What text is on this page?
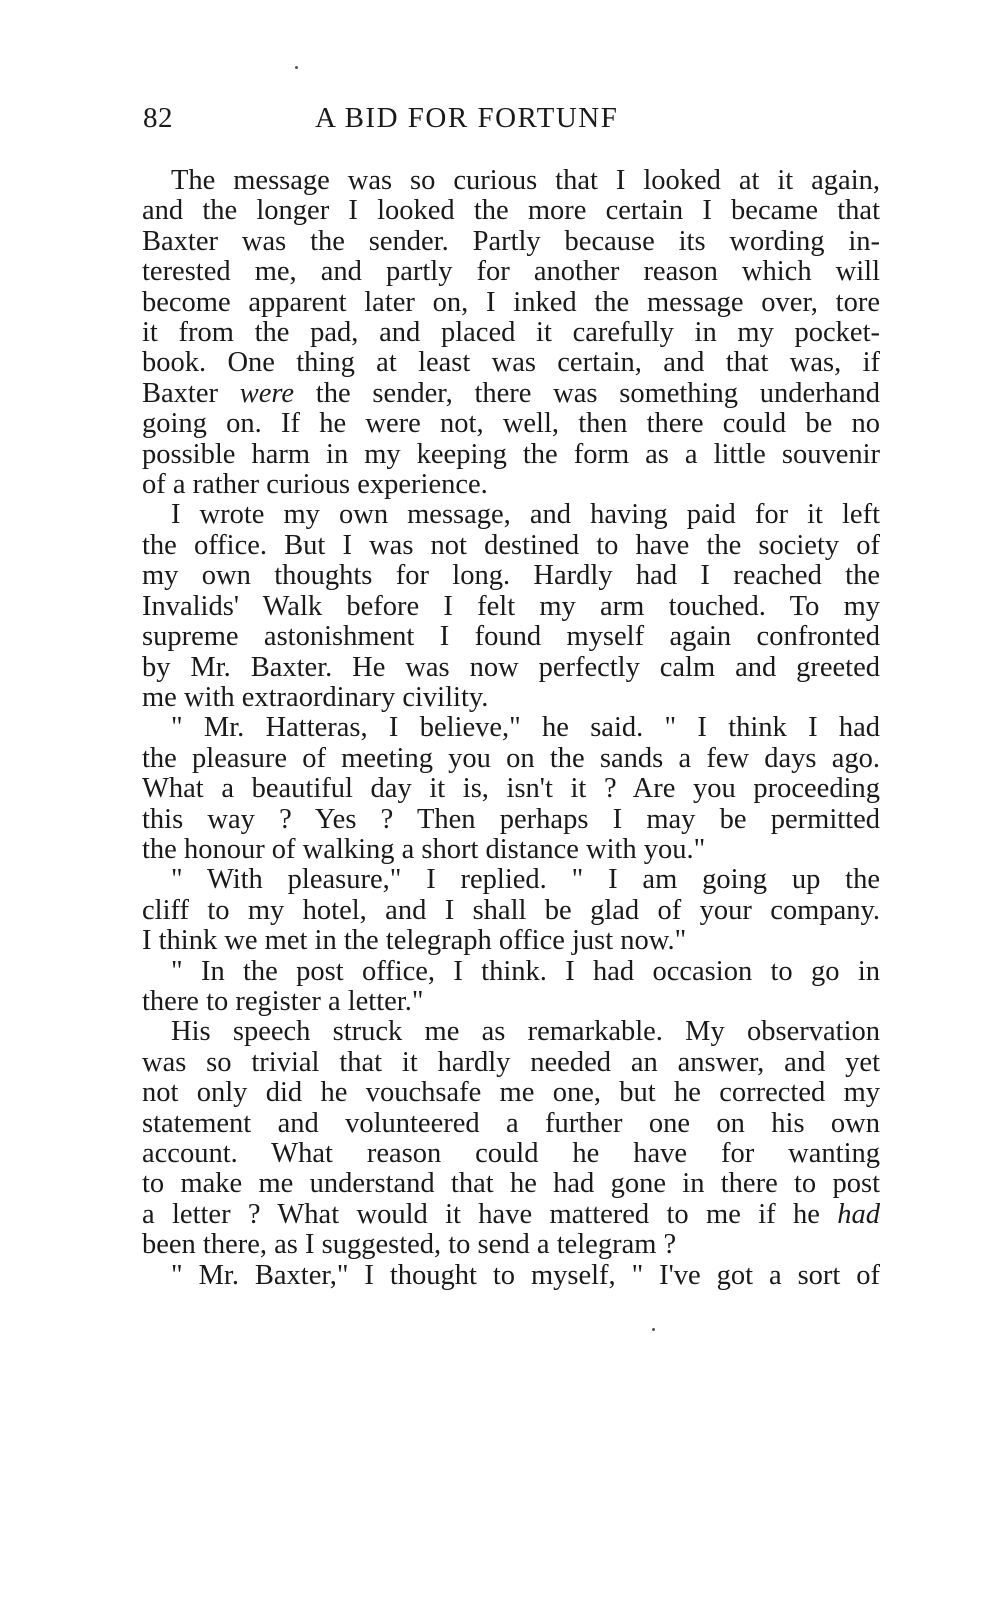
82	A BID FOR FORTUNF

The message was so curious that I looked at it again,
and the longer I looked the more certain I became that
Baxter was the sender. Partly because its wording in-
terested me, and partly for another reason which will
become apparent later on, I inked the message over, tore
it from the pad, and placed it carefully in my pocket-
book. One thing at least was certain, and that was, if
Baxter were the sender, there was something underhand
going on. If he were not, well, then there could be no
possible harm in my keeping the form as a little souvenir
of a rather curious experience.

I wrote my own message, and having paid for it left
the office. But I was not destined to have the society of
my own thoughts for long. Hardly had I reached the
Invalids' Walk before I felt my arm touched. To my
supreme astonishment I found myself again confronted
by Mr. Baxter. He was now perfectly calm and greeted
me with extraordinary civility.

" Mr. Hatteras, I believe," he said. " I think I had
the pleasure of meeting you on the sands a few days ago.
What a beautiful day it is, isn't it ? Are you proceeding
this way ? Yes ? Then perhaps I may be permitted
the honour of walking a short distance with you."

" With pleasure," I replied. " I am going up the
cliff to my hotel, and I shall be glad of your company.
I think we met in the telegraph office just now."

" In the post office, I think. I had occasion to go in
there to register a letter."

His speech struck me as remarkable. My observation
was so trivial that it hardly needed an answer, and yet
not only did he vouchsafe me one, but he corrected my
statement and volunteered a further one on his own
account. What reason could he have for wanting
to make me understand that he had gone in there to post
a letter ? What would it have mattered to me if he had
been there, as I suggested, to send a telegram ?

" Mr. Baxter," I thought to myself, " I've got a sort of
